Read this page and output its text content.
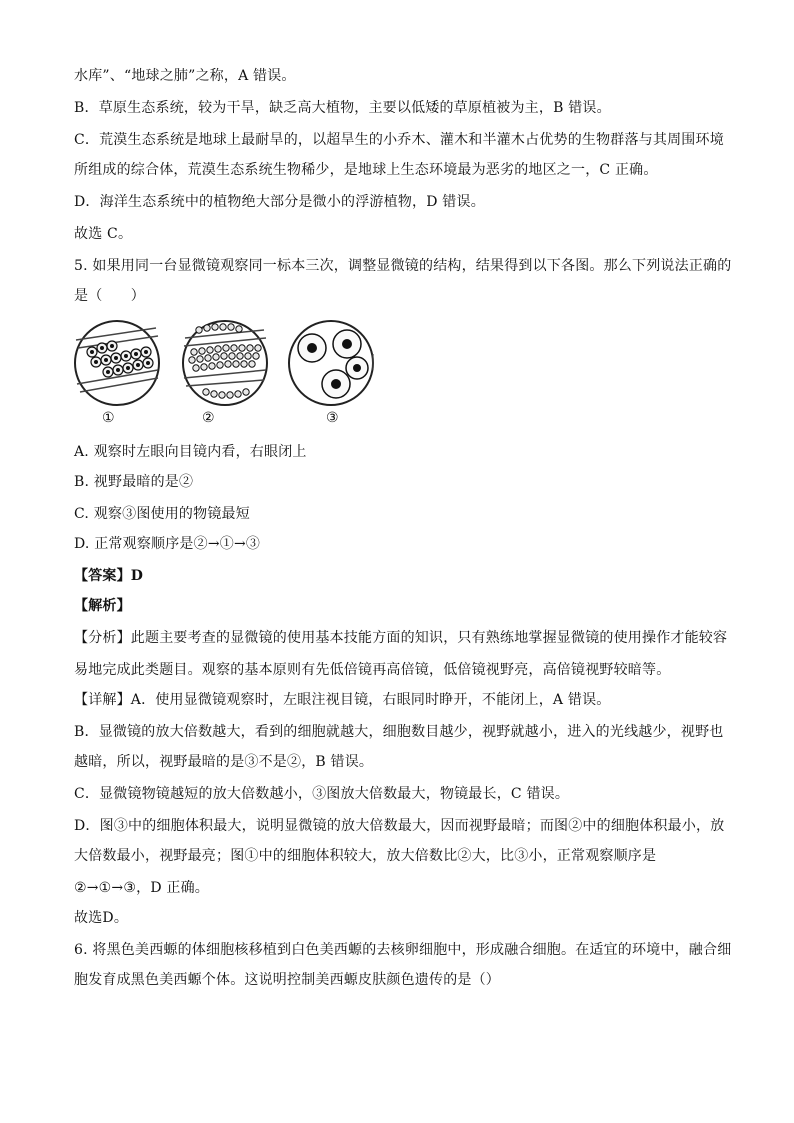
水库”、“地球之肺”之称，A 错误。
B．草原生态系统，较为干旱，缺乏高大植物，主要以低矮的草原植被为主，B 错误。
C．荒漠生态系统是地球上最耐旱的，以超旱生的小乔木、灌木和半灌木占优势的生物群落与其周围环境
所组成的综合体，荒漠生态系统生物稀少，是地球上生态环境最为恶劣的地区之一，C 正确。
D．海洋生态系统中的植物绝大部分是微小的浮游植物，D 错误。
故选 C。
5. 如果用同一台显微镜观察同一标本三次，调整显微镜的结构，结果得到以下各图。那么下列说法正确的
是（　　）
①	②	③
A. 观察时左眼向目镜内看，右眼闭上
B. 视野最暗的是②
C. 观察③图使用的物镜最短
D. 正常观察顺序是②→①→③
【答案】D
【解析】
【分析】此题主要考查的显微镜的使用基本技能方面的知识，只有熟练地掌握显微镜的使用操作才能较容
易地完成此类题目。观察的基本原则有先低倍镜再高倍镜，低倍镜视野亮，高倍镜视野较暗等。
【详解】A．使用显微镜观察时，左眼注视目镜，右眼同时睁开，不能闭上，A 错误。
B．显微镜的放大倍数越大，看到的细胞就越大，细胞数目越少，视野就越小，进入的光线越少，视野也
越暗，所以，视野最暗的是③不是②，B 错误。
C．显微镜物镜越短的放大倍数越小，③图放大倍数最大，物镜最长，C 错误。
D．图③中的细胞体积最大，说明显微镜的放大倍数最大，因而视野最暗；而图②中的细胞体积最小，放
大倍数最小，视野最亮；图①中的细胞体积较大，放大倍数比②大，比③小，正常观察顺序是
②→①→③，D 正确。
故选D。
6. 将黑色美西螈的体细胞核移植到白色美西螈的去核卵细胞中，形成融合细胞。在适宜的环境中，融合细
胞发育成黑色美西螈个体。这说明控制美西螈皮肤颜色遗传的是（）
